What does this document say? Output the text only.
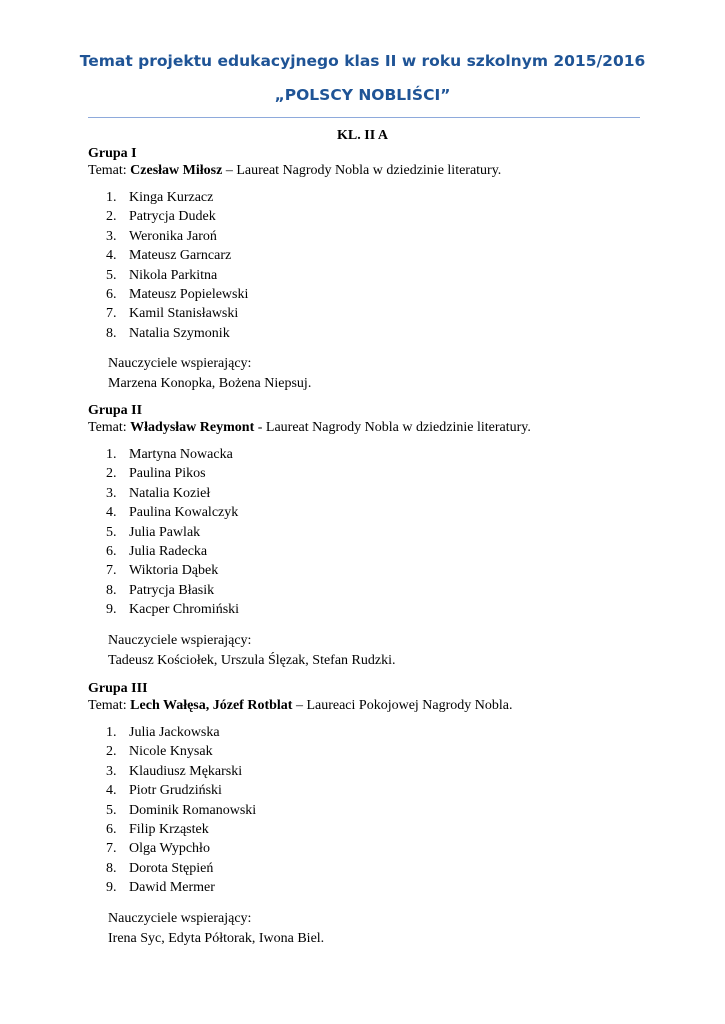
Temat projektu edukacyjnego klas II w roku szkolnym 2015/2016
„POLSCY NOBLIŚCI”
KL. II A
Grupa I
Temat: Czesław Miłosz – Laureat Nagrody Nobla w dziedzinie literatury.
1. Kinga Kurzacz
2. Patrycja Dudek
3. Weronika Jaroń
4. Mateusz Garncarz
5. Nikola Parkitna
6. Mateusz Popielewski
7. Kamil Stanisławski
8. Natalia Szymonik
Nauczyciele wspierający:
Marzena Konopka, Bożena Niepsuj.
Grupa II
Temat: Władysław Reymont - Laureat Nagrody Nobla w dziedzinie literatury.
1. Martyna Nowacka
2. Paulina Pikos
3. Natalia Kozieł
4. Paulina Kowalczyk
5. Julia Pawlak
6. Julia Radecka
7. Wiktoria Dąbek
8. Patrycja Błasik
9. Kacper Chromiński
Nauczyciele wspierający:
Tadeusz Kościołek, Urszula Ślęzak, Stefan Rudzki.
Grupa III
Temat: Lech Wałęsa, Józef Rotblat – Laureaci Pokojowej Nagrody Nobla.
1. Julia Jackowska
2. Nicole Knysak
3. Klaudiusz Mękarski
4. Piotr Grudziński
5. Dominik Romanowski
6. Filip Krząstek
7. Olga Wypchło
8. Dorota Stępień
9. Dawid Mermer
Nauczyciele wspierający:
Irena Syc, Edyta Półtorak, Iwona Biel.
